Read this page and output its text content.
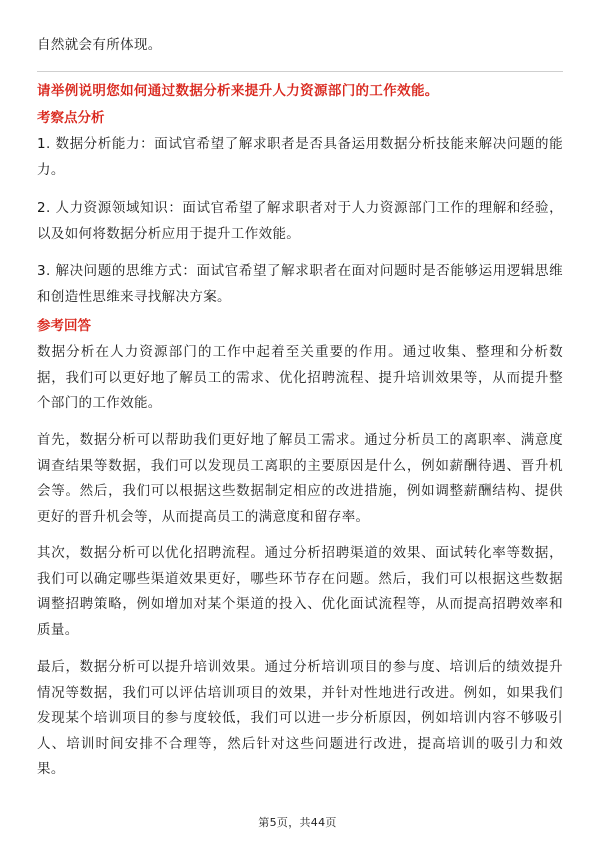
自然就会有所体现。

请举例说明您如何通过数据分析来提升人力资源部门的工作效能。

考察点分析

1. 数据分析能力：面试官希望了解求职者是否具备运用数据分析技能来解决问题的能力。

2. 人力资源领域知识：面试官希望了解求职者对于人力资源部门工作的理解和经验，以及如何将数据分析应用于提升工作效能。

3. 解决问题的思维方式：面试官希望了解求职者在面对问题时是否能够运用逻辑思维和创造性思维来寻找解决方案。

参考回答

数据分析在人力资源部门的工作中起着至关重要的作用。通过收集、整理和分析数据，我们可以更好地了解员工的需求、优化招聘流程、提升培训效果等，从而提升整个部门的工作效能。

首先，数据分析可以帮助我们更好地了解员工需求。通过分析员工的离职率、满意度调查结果等数据，我们可以发现员工离职的主要原因是什么，例如薪酬待遇、晋升机会等。然后，我们可以根据这些数据制定相应的改进措施，例如调整薪酬结构、提供更好的晋升机会等，从而提高员工的满意度和留存率。

其次，数据分析可以优化招聘流程。通过分析招聘渠道的效果、面试转化率等数据，我们可以确定哪些渠道效果更好，哪些环节存在问题。然后，我们可以根据这些数据调整招聘策略，例如增加对某个渠道的投入、优化面试流程等，从而提高招聘效率和质量。

最后，数据分析可以提升培训效果。通过分析培训项目的参与度、培训后的绩效提升情况等数据，我们可以评估培训项目的效果，并针对性地进行改进。例如，如果我们发现某个培训项目的参与度较低，我们可以进一步分析原因，例如培训内容不够吸引人、培训时间安排不合理等，然后针对这些问题进行改进，提高培训的吸引力和效果。

第5页，共44页
